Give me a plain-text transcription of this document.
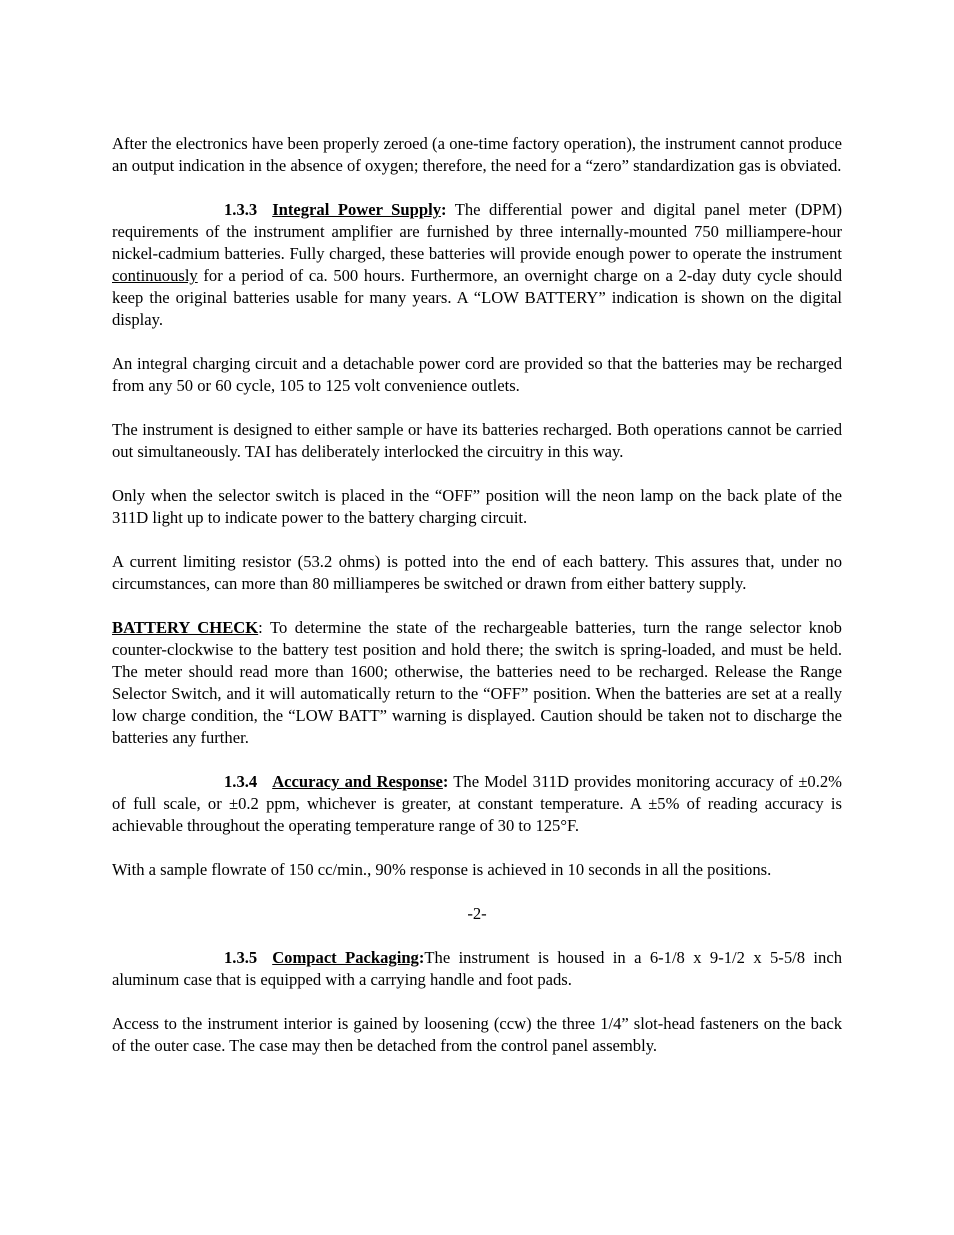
After the electronics have been properly zeroed (a one-time factory operation), the instrument cannot produce an output indication in the absence of oxygen; therefore, the need for a “zero” standardization gas is obviated.

1.3.3 Integral Power Supply: The differential power and digital panel meter (DPM) requirements of the instrument amplifier are furnished by three internally-mounted 750 milliampere-hour nickel-cadmium batteries. Fully charged, these batteries will provide enough power to operate the instrument continuously for a period of ca. 500 hours. Furthermore, an overnight charge on a 2-day duty cycle should keep the original batteries usable for many years. A “LOW BATTERY” indication is shown on the digital display.

An integral charging circuit and a detachable power cord are provided so that the batteries may be recharged from any 50 or 60 cycle, 105 to 125 volt convenience outlets.

The instrument is designed to either sample or have its batteries recharged. Both operations cannot be carried out simultaneously. TAI has deliberately interlocked the circuitry in this way.

Only when the selector switch is placed in the “OFF” position will the neon lamp on the back plate of the 311D light up to indicate power to the battery charging circuit.

A current limiting resistor (53.2 ohms) is potted into the end of each battery. This assures that, under no circumstances, can more than 80 milliamperes be switched or drawn from either battery supply.

BATTERY CHECK: To determine the state of the rechargeable batteries, turn the range selector knob counter-clockwise to the battery test position and hold there; the switch is spring-loaded, and must be held. The meter should read more than 1600; otherwise, the batteries need to be recharged. Release the Range Selector Switch, and it will automatically return to the “OFF” position. When the batteries are set at a really low charge condition, the “LOW BATT” warning is displayed. Caution should be taken not to discharge the batteries any further.

1.3.4 Accuracy and Response: The Model 311D provides monitoring accuracy of ±0.2% of full scale, or ±0.2 ppm, whichever is greater, at constant temperature. A ±5% of reading accuracy is achievable throughout the operating temperature range of 30 to 125°F.

With a sample flowrate of 150 cc/min., 90% response is achieved in 10 seconds in all the positions.

-2-

1.3.5 Compact Packaging:The instrument is housed in a 6-1/8 x 9-1/2 x 5-5/8 inch aluminum case that is equipped with a carrying handle and foot pads.

Access to the instrument interior is gained by loosening (ccw) the three 1/4” slot-head fasteners on the back of the outer case. The case may then be detached from the control panel assembly.
